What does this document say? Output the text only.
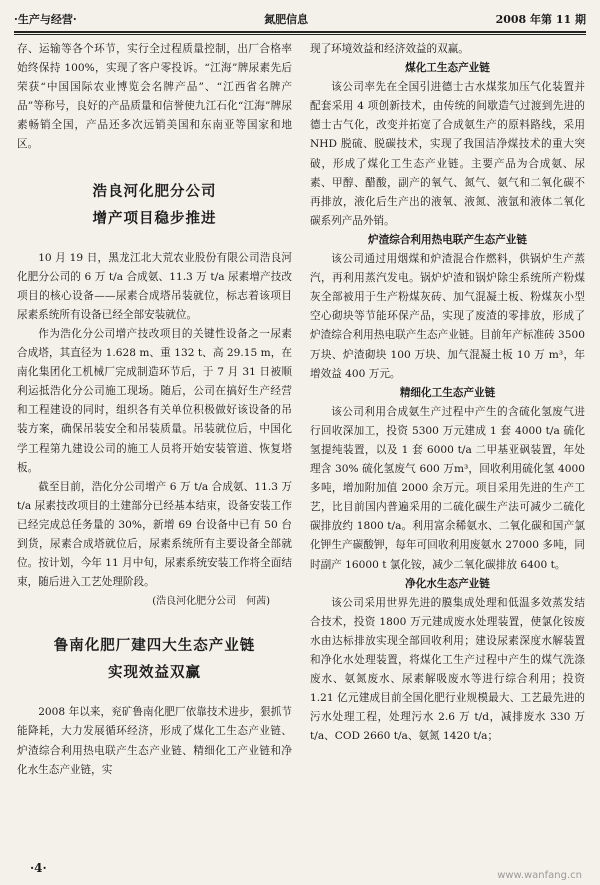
·生产与经营·	氮肥信息	2008 年第 11 期

存、运输等各个环节，实行全过程质量控制，出厂合格率始终保持 100%，实现了客户零投诉。“江海”牌尿素先后荣获“中国国际农业博览会名牌产品”、“江西省名牌产品”等称号，良好的产品质量和信誉使九江石化“江海”牌尿素畅销全国，产品还多次远销美国和东南亚等国家和地区。

浩良河化肥分公司
增产项目稳步推进

10 月 19 日，黑龙江北大荒农业股份有限公司浩良河化肥分公司的 6 万 t/a 合成氨、11.3 万 t/a 尿素增产技改项目的核心设备——尿素合成塔吊装就位，标志着该项目尿素系统所有设备已经全部安装就位。

作为浩化分公司增产技改项目的关键性设备之一尿素合成塔，其直径为 1.628 m、重 132 t、高 29.15 m，在南化集团化工机械厂完成制造环节后，于 7 月 31 日被顺利运抵浩化分公司施工现场。随后，公司在搞好生产经营和工程建设的同时，组织各有关单位积极做好该设备的吊装方案，确保吊装安全和吊装质量。吊装就位后，中国化学工程第九建设公司的施工人员将开始安装管道、恢复塔板。

截至目前，浩化分公司增产 6 万 t/a 合成氨、11.3 万 t/a 尿素技改项目的土建部分已经基本结束，设备安装工作已经完成总任务量的 30%，新增 69 台设备中已有 50 台到货，尿素合成塔就位后，尿素系统所有主要设备全部就位。按计划，今年 11 月中旬，尿素系统安装工作将全面结束，随后进入工艺处理阶段。

(浩良河化肥分公司　何茜)
鲁南化肥厂建四大生态产业链
实现效益双赢

2008 年以来，兖矿鲁南化肥厂依靠技术进步，狠抓节能降耗，大力发展循环经济，形成了煤化工生态产业链、炉渣综合利用热电联产生态产业链、精细化工产业链和净化水生态产业链，实

现了环境效益和经济效益的双赢。

煤化工生态产业链

该公司率先在全国引进德士古水煤浆加压气化装置并配套采用 4 项创新技术，由传统的间歇造气过渡到先进的德士古气化，改变并拓宽了合成氨生产的原料路线，采用 NHD 脱硫、脱碳技术，实现了我国洁净煤技术的重大突破，形成了煤化工生态产业链。主要产品为合成氨、尿素、甲醇、醋酸，副产的氧气、氮气、氨气和二氧化碳不再排放，液化后生产出的液氧、液氮、液氩和液体二氧化碳系列产品外销。

炉渣综合利用热电联产生态产业链

该公司通过用烟煤和炉渣混合作燃料，供锅炉生产蒸汽，再利用蒸汽发电。锅炉炉渣和锅炉除尘系统所产粉煤灰全部被用于生产粉煤灰砖、加气混凝土板、粉煤灰小型空心砌块等节能环保产品，实现了废渣的零排放，形成了炉渣综合利用热电联产生态产业链。目前年产标准砖 3500 万块、炉渣砌块 100 万块、加气混凝土板 10 万 m³，年增效益 400 万元。

精细化工生态产业链

该公司利用合成氨生产过程中产生的含硫化氢废气进行回收深加工，投资 5300 万元建成 1 套 4000 t/a 硫化氢提纯装置，以及 1 套 6000 t/a 二甲基亚砜装置，年处理含 30% 硫化氢废气 600 万m³，回收利用硫化氢 4000 多吨，增加附加值 2000 余万元。项目采用先进的生产工艺，比目前国内普遍采用的二硫化碳生产法可减少二硫化碳排放约 1800 t/a。利用富余稀氨水、二氧化碳和国产氯化钾生产碳酸钾，每年可回收利用废氨水 27000 多吨，同时副产 16000 t 氯化铵，减少二氧化碳排放 6400 t。

净化水生态产业链

该公司采用世界先进的膜集成处理和低温多效蒸发结合技术，投资 1800 万元建成废水处理装置，使氯化铵废水由达标排放实现全部回收利用；建设尿素深度水解装置和净化水处理装置，将煤化工生产过程中产生的煤气洗涤废水、氨氮废水、尿素解吸废水等进行综合利用；投资 1.21 亿元建成目前全国化肥行业规模最大、工艺最先进的污水处理工程，处理污水 2.6 万 t/d，减排废水 330 万 t/a、COD 2660 t/a、氨氮 1420 t/a；

·4·
www.wanfang.cn
